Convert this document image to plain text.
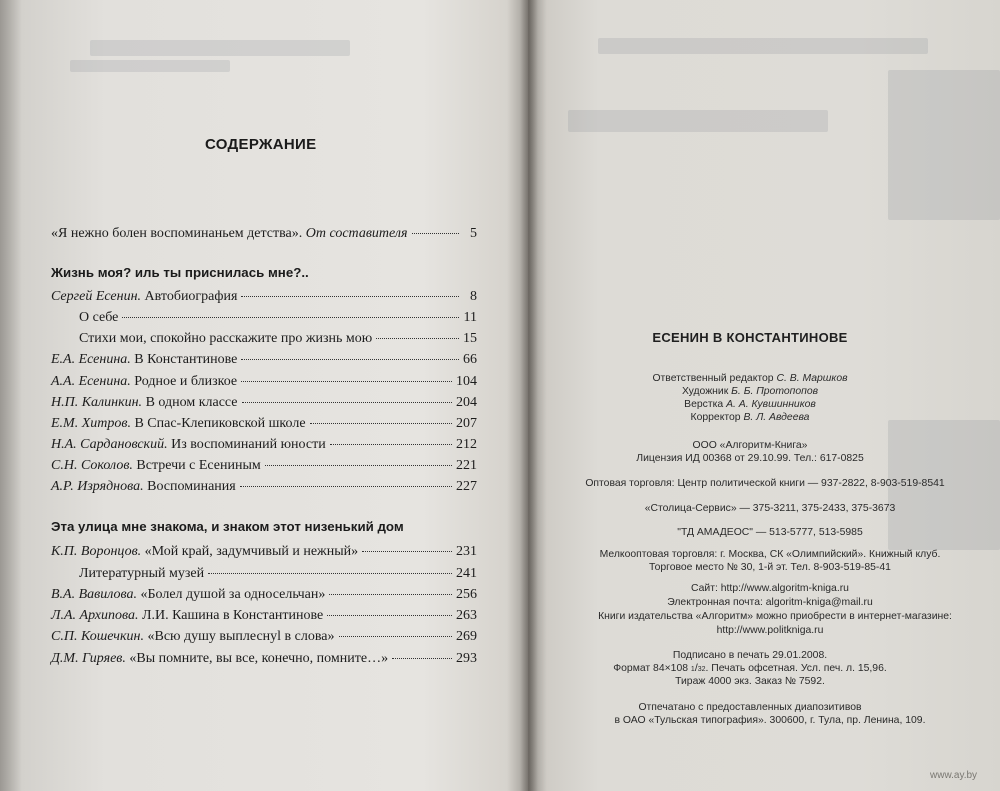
СОДЕРЖАНИЕ
«Я нежно болен воспоминаньем детства».
От составителя	5
Жизнь моя? иль ты приснилась мне?..
Сергей Есенин.
Автобиография	8
О себе	11
Стихи мои, спокойно расскажите про жизнь мою	15
Е.А. Есенина.
В Константинове	66
А.А. Есенина.
Родное и близкое	104
Н.П. Калинкин.
В одном классе	204
Е.М. Хитров.
В Спас-Клепиковской школе	207
Н.А. Сардановский.
Из воспоминаний юности	212
С.Н. Соколов.
Встречи с Есениным	221
А.Р. Изряднова.
Воспоминания	227
Эта улица мне знакома, и знаком этот низенький дом
К.П. Воронцов.
«Мой край, задумчивый и нежный»	231
Литературный музей	241
В.А. Вавилова.
«Болел душой за односельчан»	256
Л.А. Архипова.
Л.И. Кашина в Константинове	263
С.П. Кошечкин.
«Всю душу выплеснуl в слова»	269
Д.М. Гиряев.
«Вы помните, вы все, конечно, помните…»	293
ЕСЕНИН В КОНСТАНТИНОВЕ
Ответственный редактор С. В. Маршков
Художник Б. Б. Протопопов
Верстка А. А. Кувшинников
Корректор В. Л. Авдеева
ООО «Алгоритм-Книга»
Лицензия ИД 00368 от 29.10.99. Тел.: 617-0825
Оптовая торговля: Центр политической книги — 937-2822, 8-903-519-8541
«Столица-Сервис» — 375-3211, 375-2433, 375-3673
"ТД АМАДЕОС" — 513-5777, 513-5985
Мелкооптовая торговля: г. Москва, СК «Олимпийский». Книжный клуб.
Торговое место № 30, 1-й эт. Тел. 8-903-519-85-41
Сайт: http://www.algoritm-kniga.ru
Электронная почта: algoritm-kniga@mail.ru
Книги издательства «Алгоритм» можно приобрести в интернет-магазине:
http://www.politkniga.ru
Подписано в печать 29.01.2008.
Формат 84×108 1/32. Печать офсетная. Усл. печ. л. 15,96.
Тираж 4000 экз. Заказ № 7592.
Отпечатано с предоставленных диапозитивов
в ОАО «Тульская типография». 300600, г. Тула, пр. Ленина, 109.
www.ay.by
